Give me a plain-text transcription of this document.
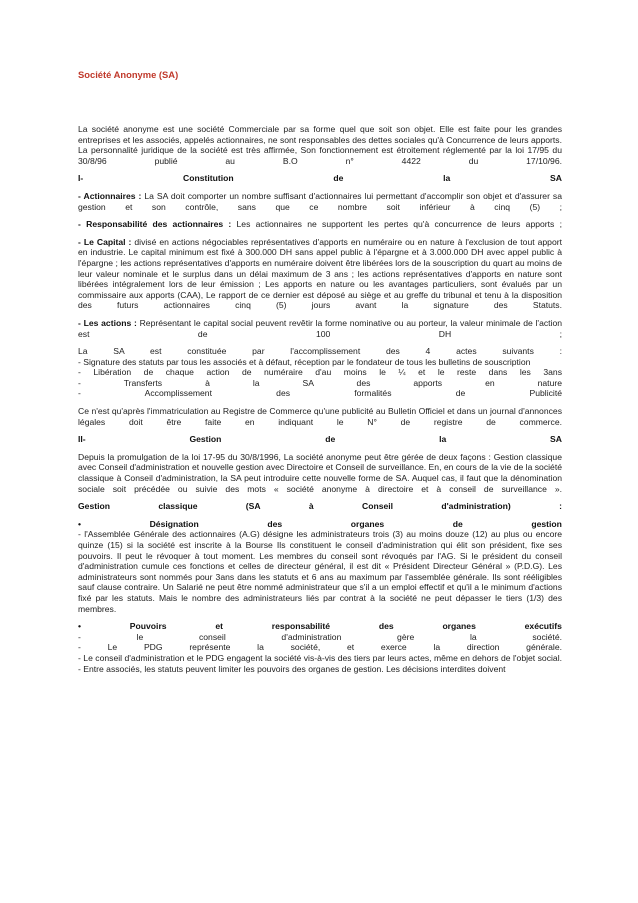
Société Anonyme (SA)

La société anonyme est une société Commerciale par sa forme quel que soit son objet. Elle est faite pour les grandes entreprises et les associés, appelés actionnaires, ne sont responsables des dettes sociales qu'à Concurrence de leurs apports. La personnalité juridique de la société est très affirmée, Son fonctionnement est étroitement réglementé par la loi 17/95 du 30/8/96 publié au B.O n° 4422 du 17/10/96.

I-	Constitution	de	la	SA

- Actionnaires : La SA doit comporter un nombre suffisant d'actionnaires lui permettant d'accomplir son objet et d'assurer sa gestion et son contrôle, sans que ce nombre soit inférieur à cinq (5) ;

- Responsabilité des actionnaires : Les actionnaires ne supportent les pertes qu'à concurrence de leurs apports ;

- Le Capital : divisé en actions négociables représentatives d'apports en numéraire ou en nature à l'exclusion de tout apport en industrie. Le capital minimum est fixé à 300.000 DH sans appel public à l'épargne et à 3.000.000 DH avec appel public à l'épargne ; les actions représentatives d'apports en numéraire doivent être libérées lors de la souscription du quart au moins de leur valeur nominale et le surplus dans un délai maximum de 3 ans ; les actions représentatives d'apports en nature sont libérées intégralement lors de leur émission ; Les apports en nature ou les avantages particuliers, sont évalués par un commissaire aux apports (CAA), Le rapport de ce dernier est déposé au siège et au greffe du tribunal et tenu à la disposition des futurs actionnaires cinq (5) jours avant la signature des Statuts.

- Les actions : Représentant le capital social peuvent revêtir la forme nominative ou au porteur, la valeur minimale de l'action est de 100 DH ;

La SA est constituée par l'accomplissement des 4 actes suivants :

- Signature des statuts par tous les associés et à défaut, réception par le fondateur de tous les bulletins de souscription

- Libération de chaque action de numéraire d'au moins le ¼ et le reste dans les 3ans

- Transferts à la SA des apports en nature

- Accomplissement des formalités de Publicité

Ce n'est qu'après l'immatriculation au Registre de Commerce qu'une publicité au Bulletin Officiel et dans un journal d'annonces légales doit être faite en indiquant le N° de registre de commerce.

II-	Gestion	de	la	SA

Depuis la promulgation de la loi 17-95 du 30/8/1996, La société anonyme peut être gérée de deux façons : Gestion classique avec Conseil d'administration et nouvelle gestion avec Directoire et Conseil de surveillance. En, en cours de la vie de la société classique à Conseil d'administration, la SA peut introduire cette nouvelle forme de SA. Auquel cas, il faut que la dénomination sociale soit précédée ou suivie des mots « société anonyme à directoire et à conseil de surveillance ».

Gestion	classique	(SA	à	Conseil	d'administration)	:
•	Désignation	des	organes	de	gestion

- l'Assemblée Générale des actionnaires (A.G) désigne les administrateurs trois (3) au moins douze (12) au plus ou encore quinze (15) si la société est inscrite à la Bourse Ils constituent le conseil d'administration qui élit son président, fixe ses pouvoirs. Il peut le révoquer à tout moment. Les membres du conseil sont révoqués par l'AG. Si le président du conseil d'administration cumule ces fonctions et celles de directeur général, il est dit « Président Directeur Général » (P.D.G). Les administrateurs sont nommés pour 3ans dans les statuts et 6 ans au maximum par l'assemblée générale. Ils sont rééligibles sauf clause contraire. Un Salarié ne peut être nommé administrateur que s'il a un emploi effectif et qu'il a le minimum d'actions fixé par les statuts. Mais le nombre des administrateurs liés par contrat à la société ne peut dépasser le tiers (1/3) des membres.

•	Pouvoirs	et	responsabilité	des	organes	exécutifs

- le conseil d'administration gère la société.

- Le PDG représente la société, et exerce la direction générale.

- Le conseil d'administration et le PDG engagent la société vis-à-vis des tiers par leurs actes, même en dehors de l'objet social.

- Entre associés, les statuts peuvent limiter les pouvoirs des organes de gestion. Les décisions interdites doivent
